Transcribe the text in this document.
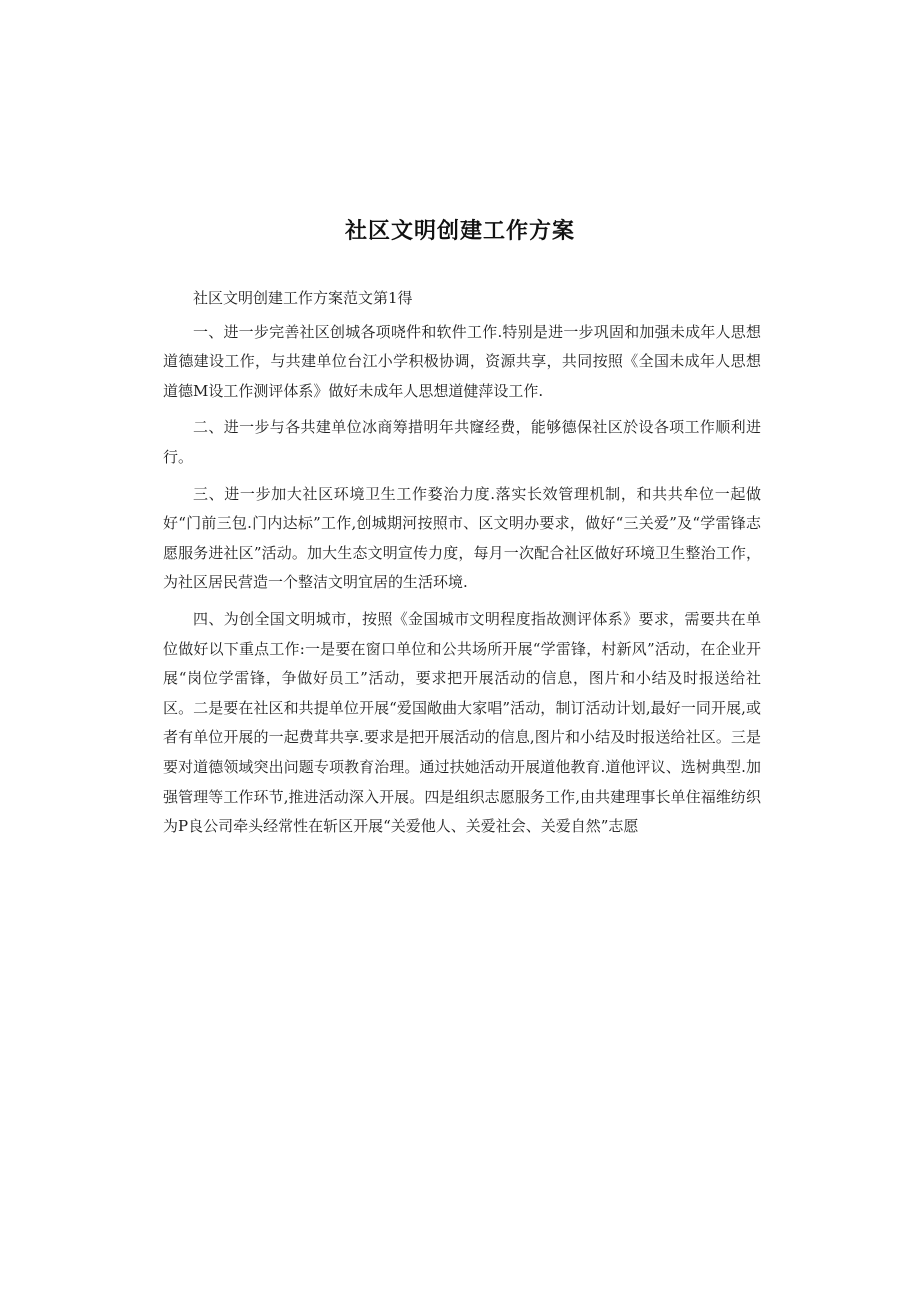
社区文明创建工作方案

社区文明创建工作方案范文第1得

一、进一步完善社区创城各项哓件和软件工作.特别是进一步巩固和加强未成年人思想道德建设工作，与共建单位台江小学积极协调，资源共享，共同按照《全国未成年人思想道德M设工作测评体系》做好未成年人思想道健萍设工作.

二、进一步与各共建单位冰商筹措明年共窿经费，能够德保社区於设各项工作顺利进行。

三、进一步加大社区环境卫生工作婺治力度.落实长效管理机制，和共共牟位一起做好“门前三包.门内达标”工作,创城期河按照市、区文明办要求，做好“三关爱”及“学雷锋志愿服务进社区”活动。加大生态文明宣传力度，每月一次配合社区做好环境卫生整治工作，为社区居民营造一个整洁文明宜居的生活环境.

四、为创全国文明城市，按照《金国城市文明程度指故测评体系》要求，需要共在单位做好以下重点工作:一是要在窗口单位和公共场所开展“学雷锋，村新风”活动，在企业开展“岗位学雷锋，争做好员工”活动，要求把开展活动的信息，图片和小结及时报送给社区。二是要在社区和共提单位开展“爱国敞曲大家唱”活动，制订活动计划,最好一同开展,或者有单位开展的一起费茸共享.要求是把开展活动的信息,图片和小结及时报送给社区。三是要对道德领域突出问题专项教育治理。通过扶她活动开展道他教育.道他评议、选树典型.加强管理等工作环节,推进活动深入开展。四是组织志愿服务工作,由共建理事长单住福维纺织为P良公司牵头经常性在斩区开展“关爱他人、关爱社会、关爱自然”志愿
